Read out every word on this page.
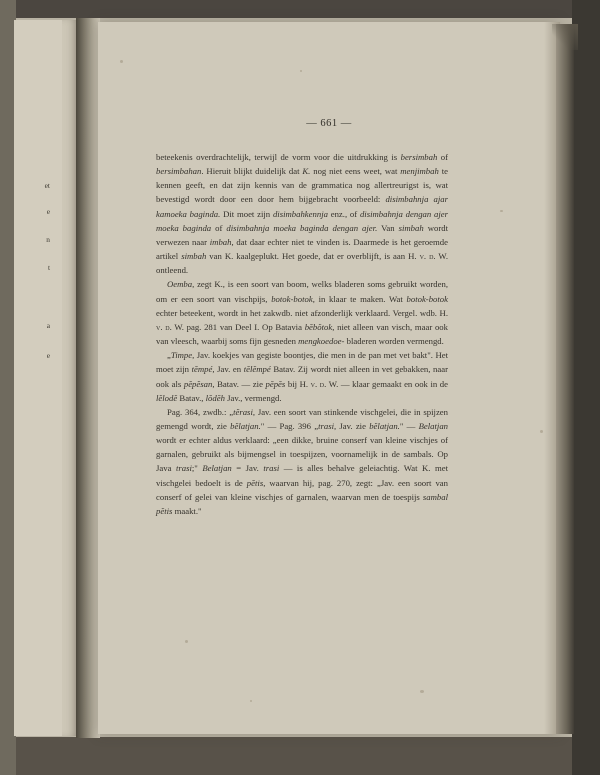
et
e
n
t
a
e
— 661 —

beteekenis overdrachtelijk, terwijl de vorm voor die uitdrukking is bersimbah of bersimbahan. Hieruit blijkt duidelijk dat K. nog niet eens weet, wat menjimbah te kennen geeft, en dat zijn kennis van de grammatica nog allertreurigst is, wat bevestigd wordt door een door hem bijgebracht voorbeeld: disimbahnja ajar kamoeka baginda. Dit moet zijn disimbahkennja enz., of disimbahnja dengan ajer moeka baginda of disimbahnja moeka baginda dengan ajer. Van simbah wordt verwezen naar imbah, dat daar echter niet te vinden is. Daarmede is het geroemde artikel simbah van K. kaalgeplukt. Het goede, dat er overblijft, is aan H. v. d. W. ontleend.

Oemba, zegt K., is een soort van boom, welks bladeren soms gebruikt worden, om er een soort van vischpijs, botok-botok, in klaar te maken. Wat botok-botok echter beteekent, wordt in het zakwdb. niet afzonderlijk verklaard. Vergel. wdb. H. v. d. W. pag. 281 van Deel I. Op Batavia bĕbŏtok, niet alleen van visch, maar ook van vleesch, waarbij soms fijn gesneden mengkoedoe- bladeren worden vermengd.

„Timpe, Jav. koekjes van gegiste boontjes, die men in de pan met vet bakt". Het moet zijn tĕmpé, Jav. en tĕlĕmpé Batav. Zij wordt niet alleen in vet gebakken, naar ook als pĕpĕsan, Batav. — zie pĕpĕs bij H. v. d. W. — klaar gemaakt en ook in de lĕlodĕ Batav., lŏdĕh Jav., vermengd.

Pag. 364, zwdb.: „tĕrasi, Jav. een soort van stinkende vischgelei, die in spijzen gemengd wordt, zie bĕlatjan." — Pag. 396 „trasi, Jav. zie bĕlatjan." — Belatjan wordt er echter aldus verklaard: „een dikke, bruine conserf van kleine vischjes of garnalen, gebruikt als bijmengsel in toespijzen, voornamelijk in de sambals. Op Java trasi;" Belatjan = Jav. trasi — is alles behalve geleiachtig. Wat K. met vischgelei bedoelt is de pĕtis, waarvan hij, pag. 270, zegt: „Jav. een soort van conserf of gelei van kleine vischjes of garnalen, waarvan men de toespijs sambal pĕtis maakt."
